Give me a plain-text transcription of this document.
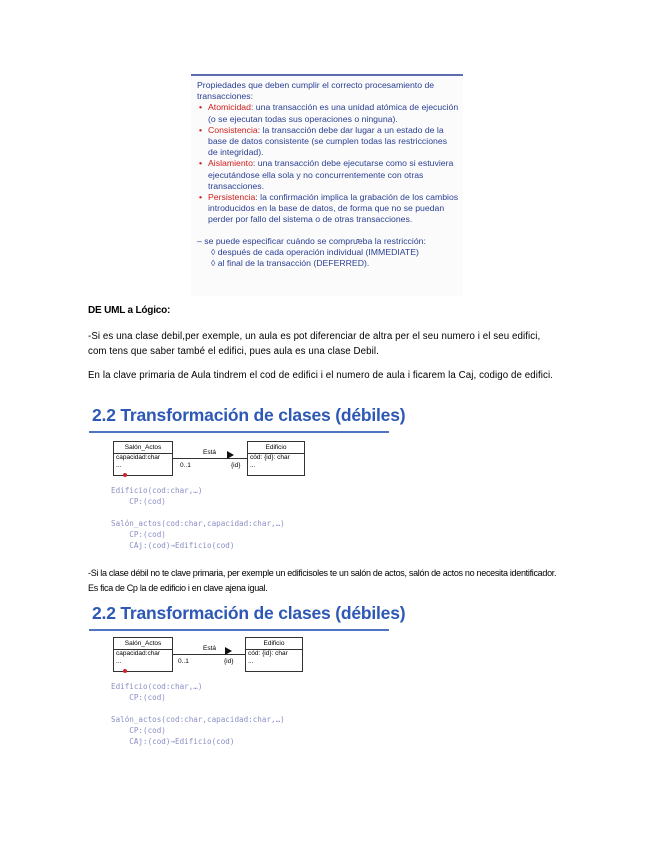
Propiedades que deben cumplir el correcto procesamiento de transacciones:
• Atomicidad: una transacción es una unidad atómica de ejecución (o se ejecutan todas sus operaciones o ninguna).
• Consistencia: la transacción debe dar lugar a un estado de la base de datos consistente (se cumplen todas las restricciones de integridad).
• Aislamiento: una transacción debe ejecutarse como si estuviera ejecutándose ella sola y no concurrentemente con otras transacciones.
• Persistencia: la confirmación implica la grabación de los cambios introducidos en la base de datos, de forma que no se puedan perder por fallo del sistema o de otras transacciones.
– se puede especificar cuándo se comprueba la restricción:
◊ después de cada operación individual (IMMEDIATE)
◊ al final de la transacción (DEFERRED).
DE UML a Lógico:
-Si es una clase debil,per exemple, un aula es pot diferenciar de altra per el seu numero i el seu edifici, com tens que saber també el edifici, pues aula es una clase Debil.
En la clave primaria de Aula tindrem el cod de edifici i el numero de aula i ficarem la Caj, codigo de edifici.
2.2 Transformación de clases (débiles)
Salón_Actos
capacidad:char
...
Está
0..1	{id}
Edificio
cód: {id}: char
...
Edificio(cod:char,…)
CP:(cod)

Salón_actos(cod:char,capacidad:char,…)
CP:(cod)
CAj:(cod)→Edificio(cod)
-Si la clase débil no te clave primaria, per exemple un edificisoles te un salón de actos, salón de actos no necesita identificador. Es fica de Cp la de edificio i en clave ajena igual.
2.2 Transformación de clases (débiles)
Salón_Actos
capacidad:char
...
Está
0..1	{id}
Edificio
cód: {id}: char
...
Edificio(cod:char,…)
CP:(cod)

Salón_actos(cod:char,capacidad:char,…)
CP:(cod)
CAj:(cod)→Edificio(cod)
